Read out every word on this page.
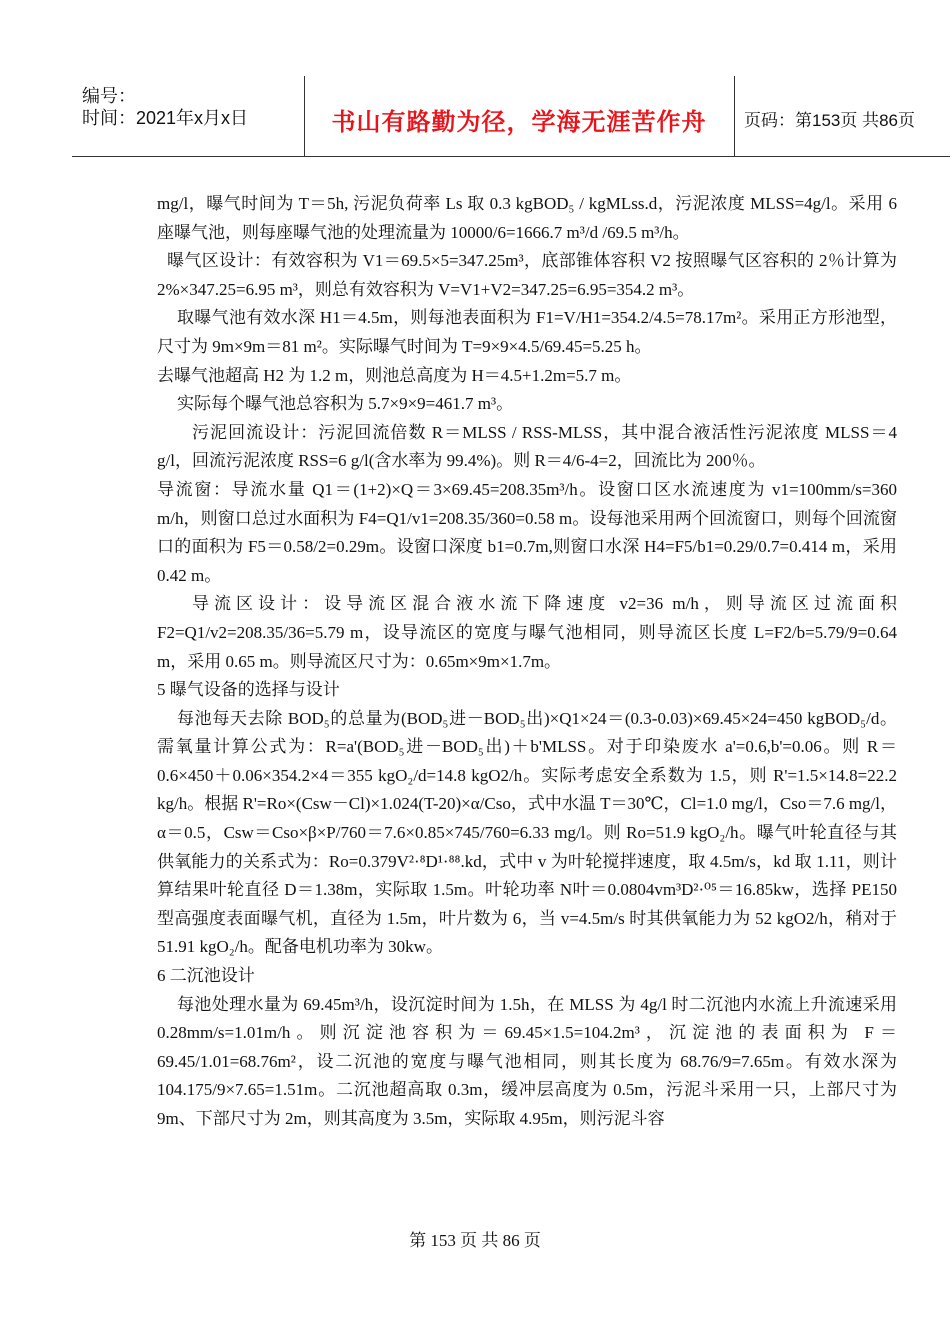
编号：
时间：2021年x月x日	书山有路勤为径，学海无涯苦作舟	页码：第153页 共86页

mg/l，曝气时间为 T＝5h, 污泥负荷率 Ls 取 0.3 kgBOD₅ / kgMLss.d，污泥浓度 MLSS=4g/l。采用 6 座曝气池，则每座曝气池的处理流量为 10000/6=1666.7 m³/d /69.5 m³/h。

曝气区设计：有效容积为 V1＝69.5×5=347.25m³，底部锥体容积 V2 按照曝气区容积的 2％计算为 2%×347.25=6.95 m³，则总有效容积为 V=V1+V2=347.25=6.95=354.2 m³。

取曝气池有效水深 H1＝4.5m，则每池表面积为 F1=V/H1=354.2/4.5=78.17m²。采用正方形池型，尺寸为 9m×9m＝81 m²。实际曝气时间为 T=9×9×4.5/69.45=5.25 h。

去曝气池超高 H2 为 1.2 m，则池总高度为 H＝4.5+1.2m=5.7 m。

实际每个曝气池总容积为 5.7×9×9=461.7 m³。

污泥回流设计：污泥回流倍数 R＝MLSS / RSS-MLSS，其中混合液活性污泥浓度 MLSS＝4 g/l，回流污泥浓度 RSS=6 g/l(含水率为 99.4%)。则 R＝4/6-4=2，回流比为 200％。

导流窗：导流水量 Q1＝(1+2)×Q＝3×69.45=208.35m³/h。设窗口区水流速度为 v1=100mm/s=360 m/h，则窗口总过水面积为 F4=Q1/v1=208.35/360=0.58 m。设每池采用两个回流窗口，则每个回流窗口的面积为 F5＝0.58/2=0.29m。设窗口深度 b1=0.7m,则窗口水深 H4=F5/b1=0.29/0.7=0.414 m，采用 0.42 m。

导流区设计：设导流区混合液水流下降速度 v2=36 m/h，则导流区过流面积 F2=Q1/v2=208.35/36=5.79 m，设导流区的宽度与曝气池相同，则导流区长度 L=F2/b=5.79/9=0.64 m，采用 0.65 m。则导流区尺寸为：0.65m×9m×1.7m。

5 曝气设备的选择与设计

每池每天去除 BOD₅的总量为(BOD₅进－BOD₅出)×Q1×24＝(0.3-0.03)×69.45×24=450 kgBOD₅/d。需氧量计算公式为：R=a'(BOD₅进－BOD₅出)＋b'MLSS。对于印染废水 a'=0.6,b'=0.06。则 R＝0.6×450＋0.06×354.2×4＝355 kgO₂/d=14.8 kgO2/h。实际考虑安全系数为 1.5，则 R'=1.5×14.8=22.2 kg/h。根据 R'=Ro×(Csw－Cl)×1.024(T-20)×α/Cso，式中水温 T＝30℃，Cl=1.0 mg/l，Cso＝7.6 mg/l，α＝0.5，Csw＝Cso×β×P/760＝7.6×0.85×745/760=6.33 mg/l。则 Ro=51.9 kgO₂/h。曝气叶轮直径与其供氧能力的关系式为：Ro=0.379V²·⁸D¹·⁸⁸.kd，式中 v 为叶轮搅拌速度，取 4.5m/s，kd 取 1.11，则计算结果叶轮直径 D＝1.38m，实际取 1.5m。叶轮功率 N叶＝0.0804vm³D²·⁰⁵＝16.85kw，选择 PE150 型高强度表面曝气机，直径为 1.5m，叶片数为 6，当 v=4.5m/s 时其供氧能力为 52 kgO2/h，稍对于 51.91 kgO₂/h。配备电机功率为 30kw。

6 二沉池设计

每池处理水量为 69.45m³/h，设沉淀时间为 1.5h，在 MLSS 为 4g/l 时二沉池内水流上升流速采用 0.28mm/s=1.01m/h。则沉淀池容积为＝69.45×1.5=104.2m³，沉淀池的表面积为 F＝69.45/1.01=68.76m²，设二沉池的宽度与曝气池相同，则其长度为 68.76/9=7.65m。有效水深为 104.175/9×7.65=1.51m。二沉池超高取 0.3m，缓冲层高度为 0.5m，污泥斗采用一只，上部尺寸为 9m、下部尺寸为 2m，则其高度为 3.5m，实际取 4.95m，则污泥斗容

第 153 页 共 86 页
